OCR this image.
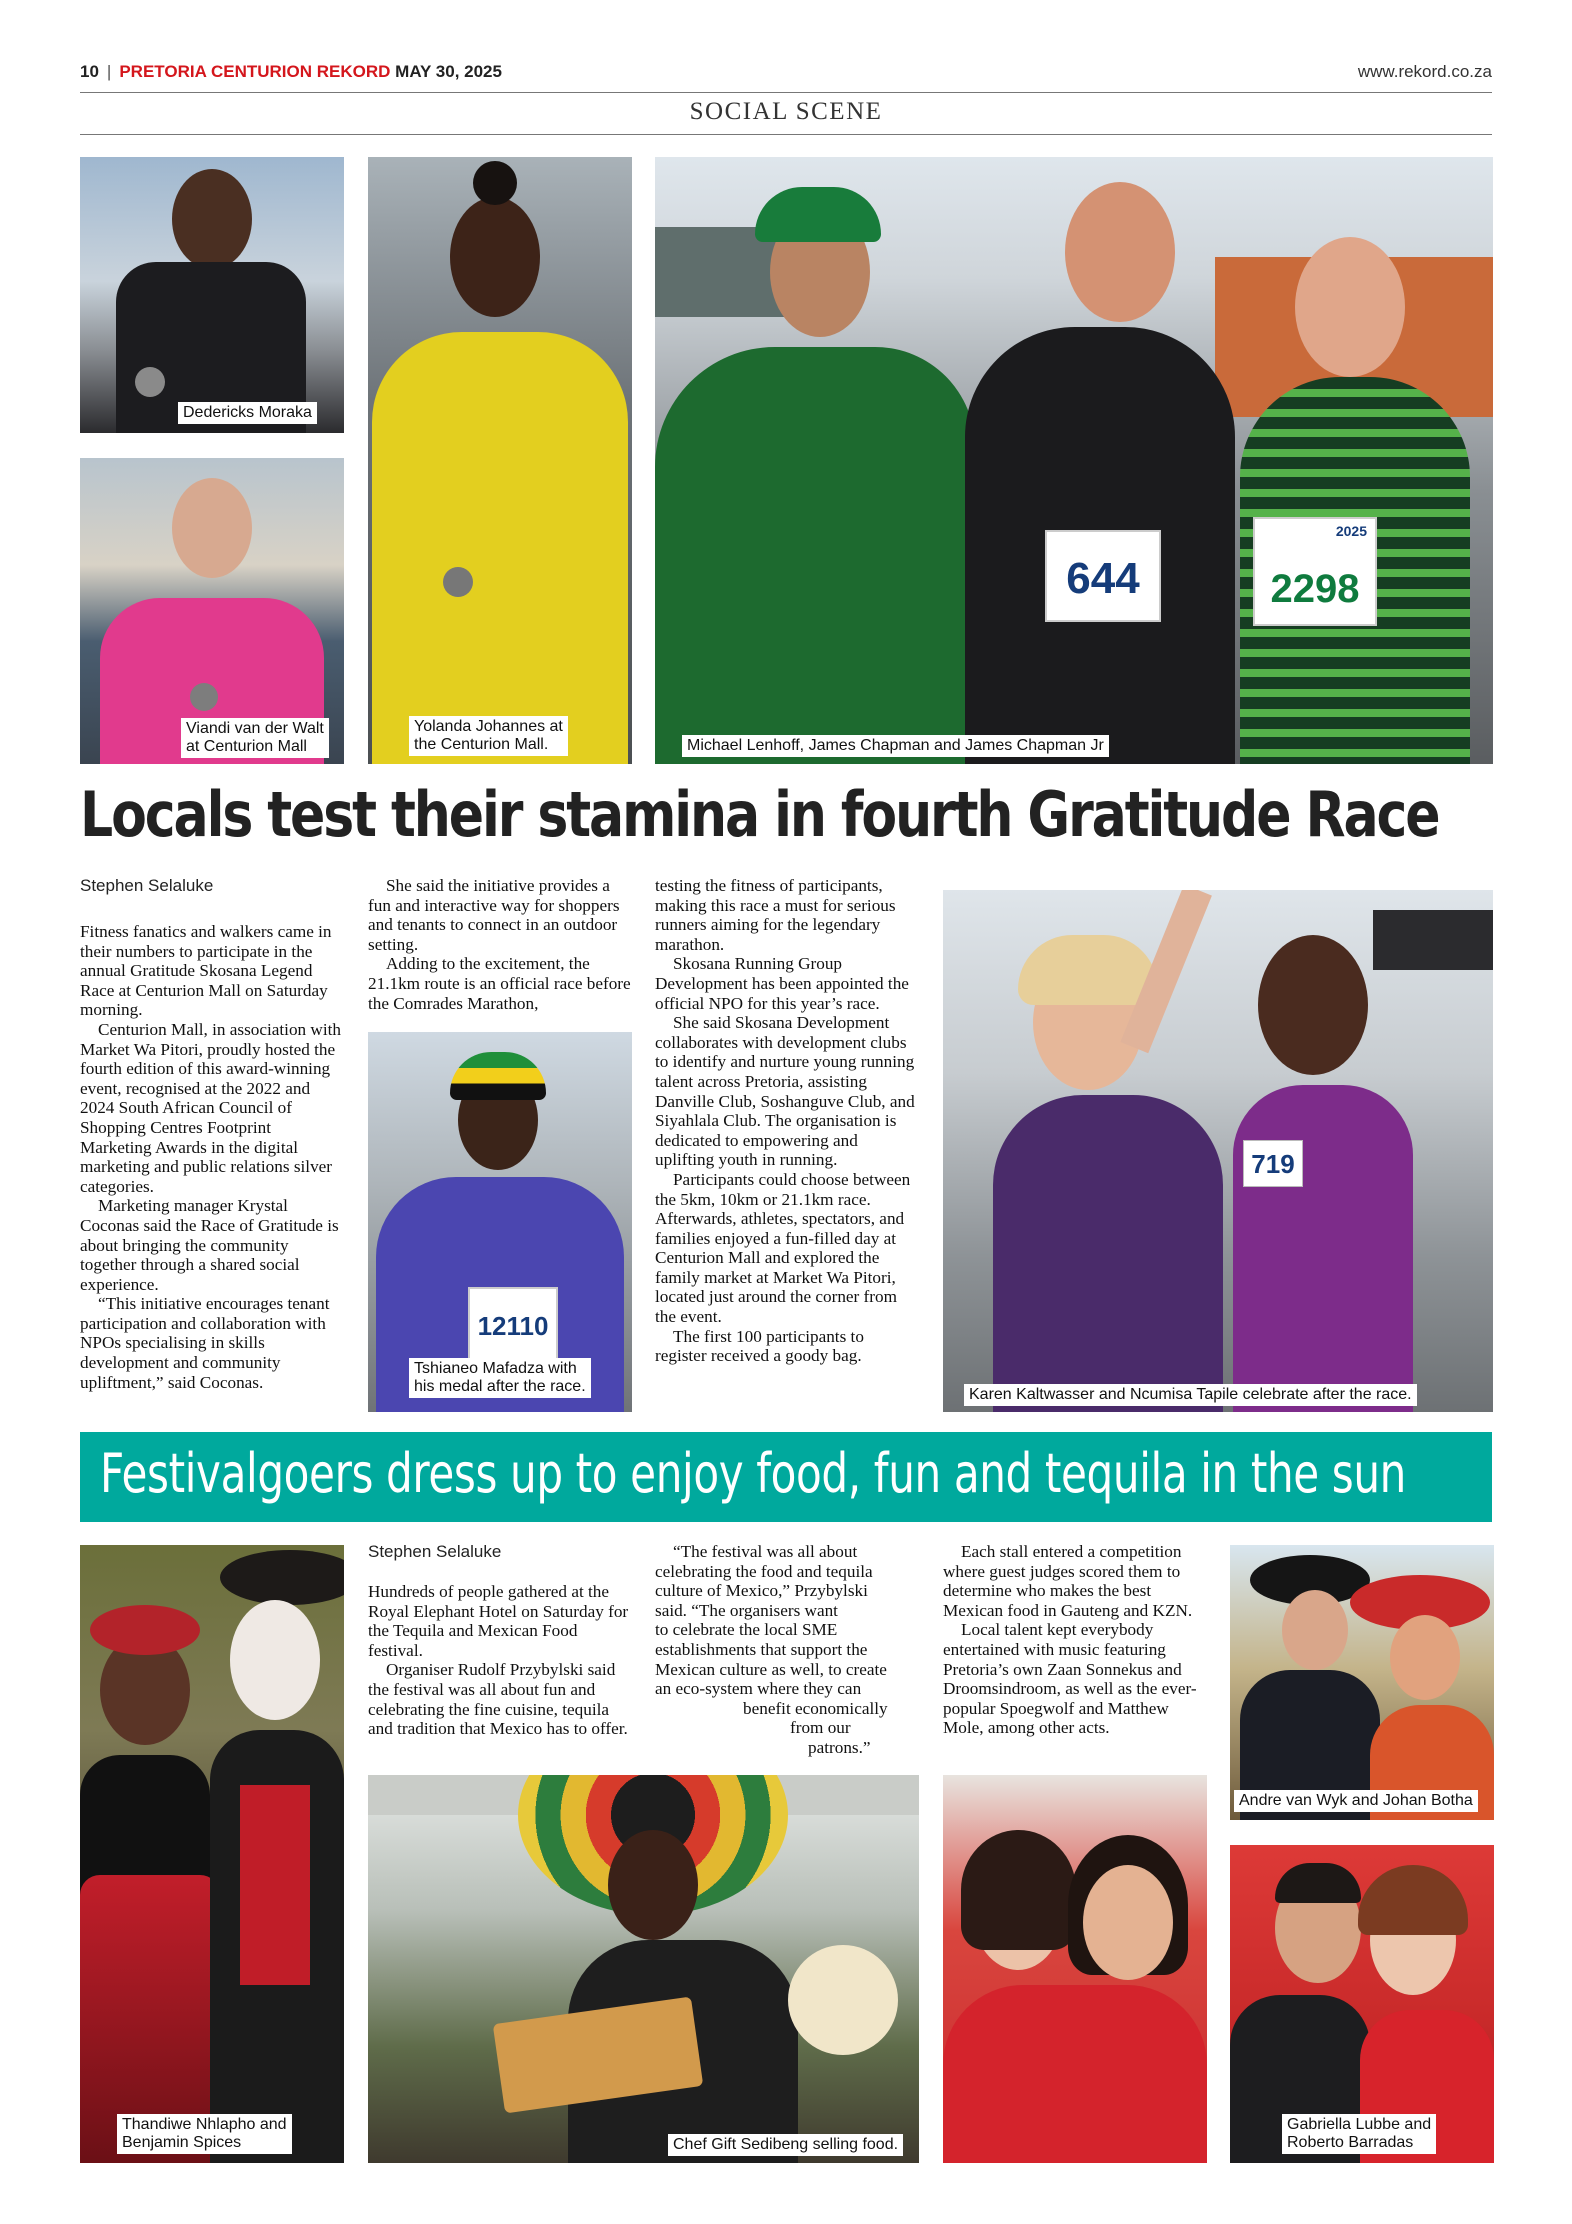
10 | PRETORIA CENTURION REKORD MAY 30, 2025	www.rekord.co.za
SOCIAL SCENE
Dedericks Moraka
Viandi van der Walt
at Centurion Mall
Yolanda Johannes at
the Centurion Mall.
644
2025
2298
Michael Lenhoff, James Chapman and James Chapman Jr
Locals test their stamina in fourth Gratitude Race
Stephen Selaluke

Fitness fanatics and walkers came in their numbers to participate in the annual Gratitude Skosana Legend Race at Centurion Mall on Saturday morning.

Centurion Mall, in association with Market Wa Pitori, proudly hosted the fourth edition of this award-winning event, recognised at the 2022 and 2024 South African Council of Shopping Centres Footprint Marketing Awards in the digital marketing and public relations silver categories.

Marketing manager Krystal Coconas said the Race of Gratitude is about bringing the community together through a shared social experience.

“This initiative encourages tenant participation and collaboration with NPOs specialising in skills development and community upliftment,” said Coconas.

She said the initiative provides a fun and interactive way for shoppers and tenants to connect in an outdoor setting.

Adding to the excitement, the 21.1km route is an official race before the Comrades Marathon,

12110
Tshianeo Mafadza with
his medal after the race.

testing the fitness of participants, making this race a must for serious runners aiming for the legendary marathon.

Skosana Running Group Development has been appointed the official NPO for this year’s race.

She said Skosana Development collaborates with development clubs to identify and nurture young running talent across Pretoria, assisting Danville Club, Soshanguve Club, and Siyahlala Club. The organisation is dedicated to empowering and uplifting youth in running.

Participants could choose between the 5km, 10km or 21.1km race. Afterwards, athletes, spectators, and families enjoyed a fun-filled day at Centurion Mall and explored the family market at Market Wa Pitori, located just around the corner from the event.

The first 100 participants to register received a goody bag.

719
Karen Kaltwasser and Ncumisa Tapile celebrate after the race.
Festivalgoers dress up to enjoy food, fun and tequila in the sun
Thandiwe Nhlapho and
Benjamin Spices
Stephen Selaluke

Hundreds of people gathered at the Royal Elephant Hotel on Saturday for the Tequila and Mexican Food festival.

Organiser Rudolf Przybylski said the festival was all about fun and celebrating the fine cuisine, tequila and tradition that Mexico has to offer.

“The festival was all about
celebrating the food and tequila
culture of Mexico,” Przybylski
said. “The organisers want
to celebrate the local SME
establishments that support the
Mexican culture as well, to create
an eco-system where they can
benefit economically
from our
patrons.”
Chef Gift Sedibeng selling food.

Each stall entered a competition where guest judges scored them to determine who makes the best Mexican food in Gauteng and KZN.

Local talent kept everybody entertained with music featuring Pretoria’s own Zaan Sonnekus and Droomsindroom, as well as the ever-popular Spoegwolf and Matthew Mole, among other acts.

Andre van Wyk and Johan Botha
Gabriella Lubbe and
Roberto Barradas
